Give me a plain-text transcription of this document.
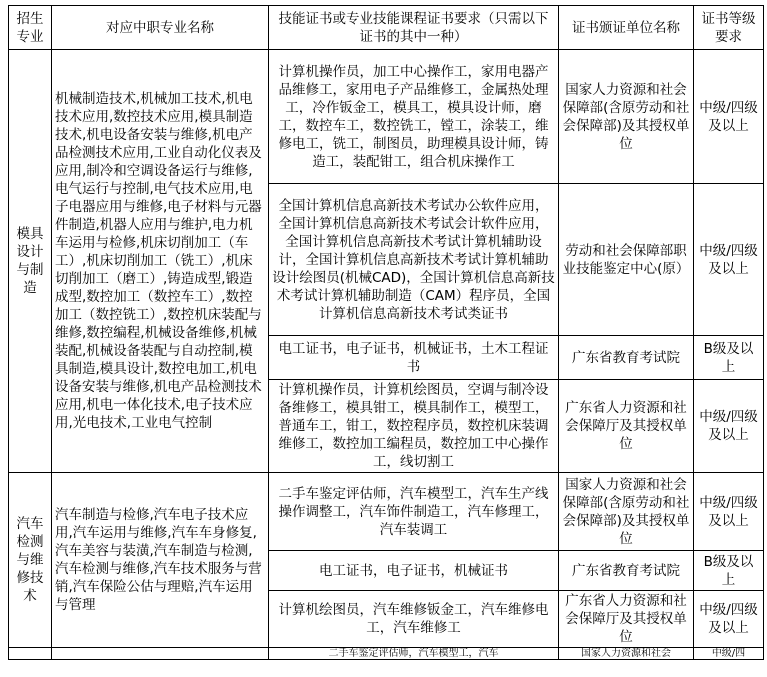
招生专业	对应中职专业名称	技能证书或专业技能课程证书要求（只需以下证书的其中一种）	证书颁证单位名称	证书等级要求
模具设计与制造	机械制造技术,机械加工技术,机电技术应用,数控技术应用,模具制造技术,机电设备安装与维修,机电产品检测技术应用,工业自动化仪表及应用,制冷和空调设备运行与维修,电气运行与控制,电气技术应用,电子电器应用与维修,电子材料与元器件制造,机器人应用与维护,电力机车运用与检修,机床切削加工（车工）,机床切削加工（铣工）,机床切削加工（磨工）,铸造成型,锻造成型,数控加工（数控车工）,数控加工（数控铣工）,数控机床装配与维修,数控编程,机械设备维修,机械装配,机械设备装配与自动控制,模具制造,模具设计,数控电加工,机电设备安装与维修,机电产品检测技术应用,机电一体化技术,电子技术应用,光电技术,工业电气控制	计算机操作员，加工中心操作工，家用电器产品维修工，家用电子产品维修工，金属热处理工，冷作钣金工，模具工，模具设计师，磨工，数控车工，数控铣工，镗工，涂装工，维修电工，铣工，制图员，助理模具设计师，铸造工，装配钳工，组合机床操作工	国家人力资源和社会保障部(含原劳动和社会保障部)及其授权单位	中级/四级及以上
		全国计算机信息高新技术考试办公软件应用，全国计算机信息高新技术考试会计软件应用，全国计算机信息高新技术考试计算机辅助设计，全国计算机信息高新技术考试计算机辅助设计绘图员(机械CAD)，全国计算机信息高新技术考试计算机辅助制造（CAM）程序员，全国计算机信息高新技术考试类证书	劳动和社会保障部职业技能鉴定中心(原）	中级/四级及以上
		电工证书，电子证书，机械证书，土木工程证书	广东省教育考试院	B级及以上
		计算机操作员，计算机绘图员，空调与制冷设备维修工，模具钳工，模具制作工，模型工，普通车工，钳工，数控程序员，数控机床装调维修工，数控加工编程员，数控加工中心操作工，线切割工	广东省人力资源和社会保障厅及其授权单位	中级/四级及以上
汽车检测与维修技术	汽车制造与检修,汽车电子技术应用,汽车运用与维修,汽车车身修复,汽车美容与装潢,汽车制造与检测,汽车检测与维修,汽车技术服务与营销,汽车保险公估与理赔,汽车运用与管理	二手车鉴定评估师，汽车模型工，汽车生产线操作调整工，汽车饰件制造工，汽车修理工，汽车装调工	国家人力资源和社会保障部(含原劳动和社会保障部)及其授权单位	中级/四级及以上
		电工证书，电子证书，机械证书	广东省教育考试院	B级及以上
		计算机绘图员，汽车维修钣金工，汽车维修电工，汽车维修工	广东省人力资源和社会保障厅及其授权单位	中级/四级及以上
		二手车鉴定评估师，汽车模型工，汽车	国家人力资源和社会	中级/四
